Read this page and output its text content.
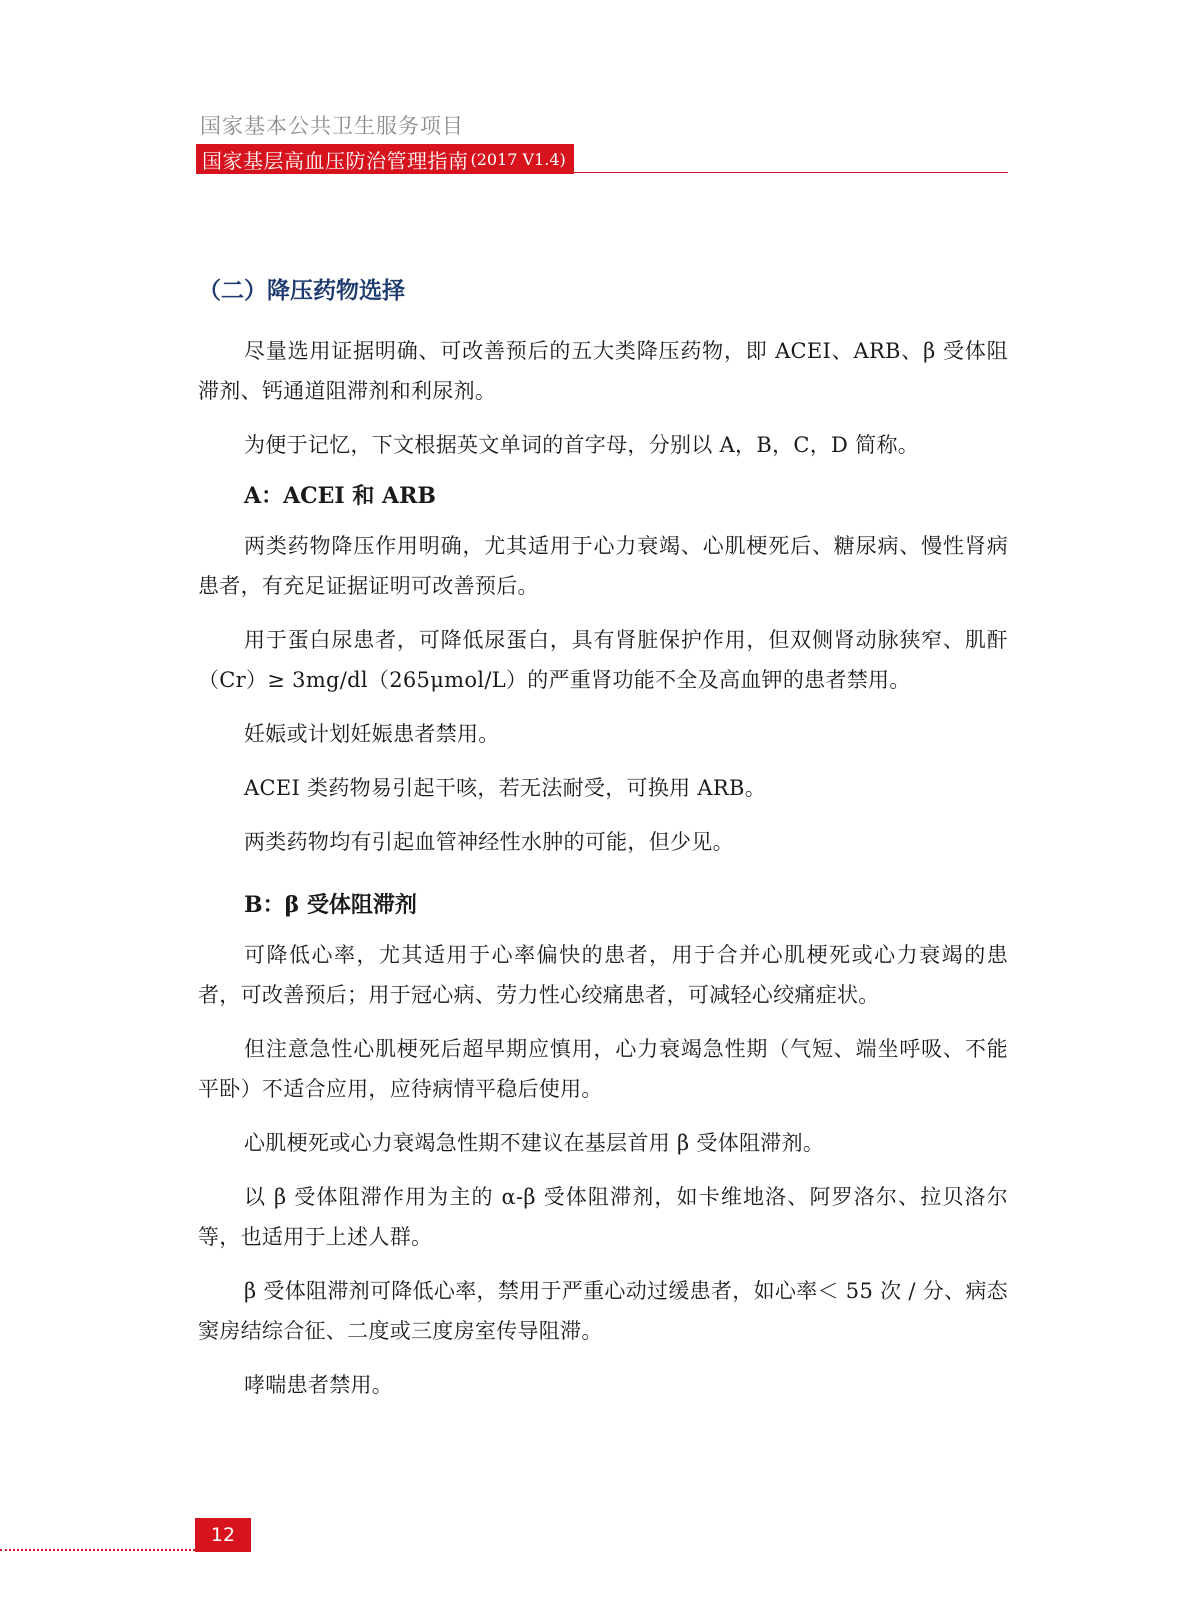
国家基本公共卫生服务项目
国家基层高血压防治管理指南 (2017 V1.4)
（二）降压药物选择

尽量选用证据明确、可改善预后的五大类降压药物，即 ACEI、ARB、β 受体阻滞剂、钙通道阻滞剂和利尿剂。

为便于记忆，下文根据英文单词的首字母，分别以 A，B，C，D 简称。

A：ACEI 和 ARB

两类药物降压作用明确，尤其适用于心力衰竭、心肌梗死后、糖尿病、慢性肾病患者，有充足证据证明可改善预后。

用于蛋白尿患者，可降低尿蛋白，具有肾脏保护作用，但双侧肾动脉狭窄、肌酐（Cr）≥ 3mg/dl（265μmol/L）的严重肾功能不全及高血钾的患者禁用。

妊娠或计划妊娠患者禁用。

ACEI 类药物易引起干咳，若无法耐受，可换用 ARB。

两类药物均有引起血管神经性水肿的可能，但少见。

B：β 受体阻滞剂

可降低心率，尤其适用于心率偏快的患者，用于合并心肌梗死或心力衰竭的患者，可改善预后；用于冠心病、劳力性心绞痛患者，可减轻心绞痛症状。

但注意急性心肌梗死后超早期应慎用，心力衰竭急性期（气短、端坐呼吸、不能平卧）不适合应用，应待病情平稳后使用。

心肌梗死或心力衰竭急性期不建议在基层首用 β 受体阻滞剂。

以 β 受体阻滞作用为主的 α-β 受体阻滞剂，如卡维地洛、阿罗洛尔、拉贝洛尔等，也适用于上述人群。

β 受体阻滞剂可降低心率，禁用于严重心动过缓患者，如心率＜ 55 次 / 分、病态窦房结综合征、二度或三度房室传导阻滞。

哮喘患者禁用。

12
